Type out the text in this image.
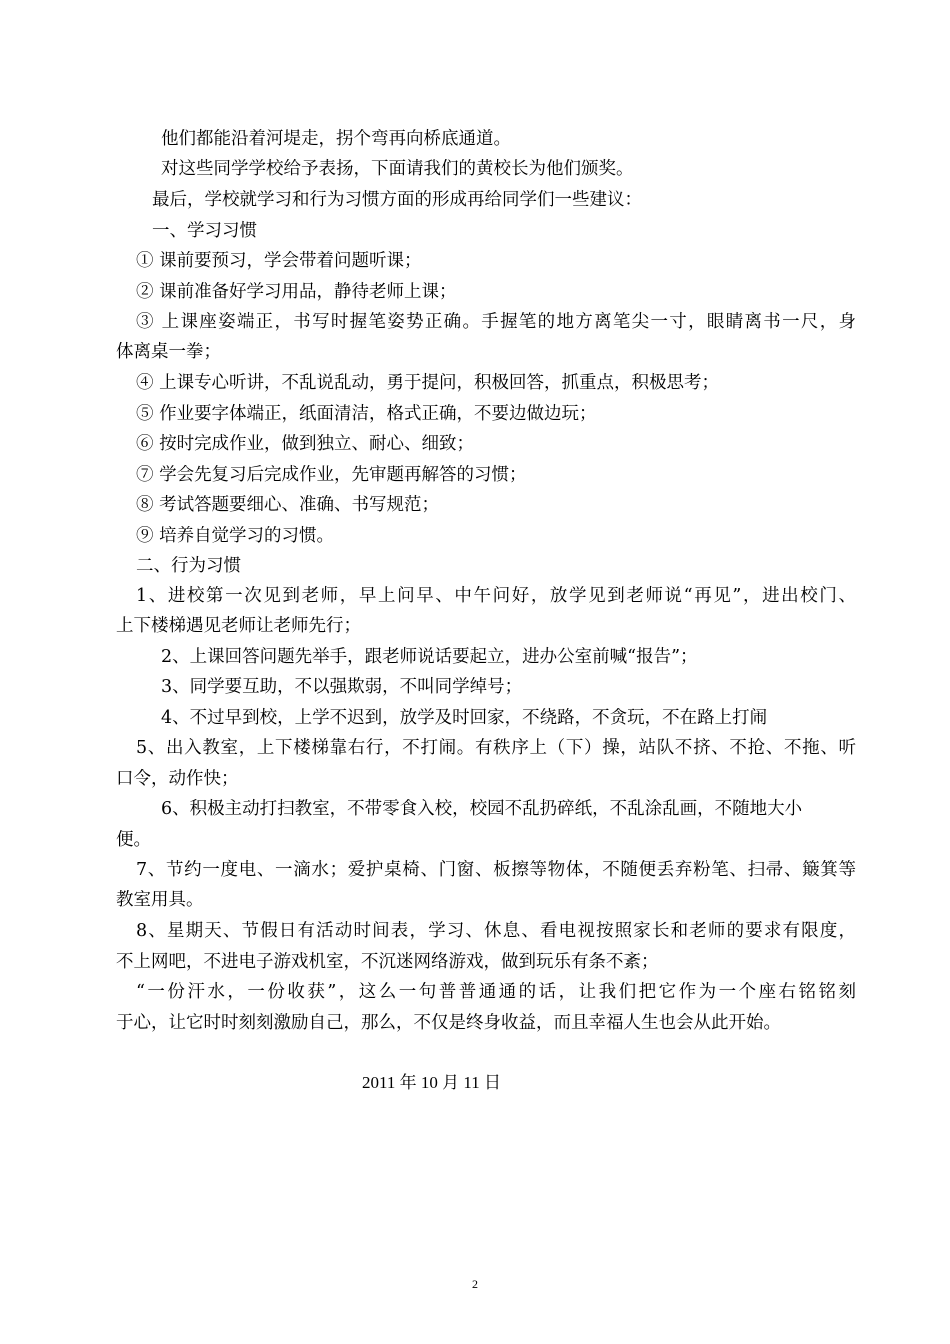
他们都能沿着河堤走，拐个弯再向桥底通道。
对这些同学学校给予表扬，下面请我们的黄校长为他们颁奖。
最后，学校就学习和行为习惯方面的形成再给同学们一些建议：
一、学习习惯
① 课前要预习，学会带着问题听课；
② 课前准备好学习用品，静待老师上课；
③ 上课座姿端正，书写时握笔姿势正确。手握笔的地方离笔尖一寸，眼睛离书一尺，身
体离桌一拳；
④ 上课专心听讲，不乱说乱动，勇于提问，积极回答，抓重点，积极思考；
⑤ 作业要字体端正，纸面清洁，格式正确，不要边做边玩；
⑥ 按时完成作业，做到独立、耐心、细致；
⑦ 学会先复习后完成作业，先审题再解答的习惯；
⑧ 考试答题要细心、准确、书写规范；
⑨ 培养自觉学习的习惯。
二、行为习惯
1、进校第一次见到老师，早上问早、中午问好，放学见到老师说“再见”，进出校门、
上下楼梯遇见老师让老师先行；
2、上课回答问题先举手，跟老师说话要起立，进办公室前喊“报告”；
3、同学要互助，不以强欺弱，不叫同学绰号；
4、不过早到校，上学不迟到，放学及时回家，不绕路，不贪玩，不在路上打闹
5、出入教室，上下楼梯靠右行，不打闹。有秩序上（下）操，站队不挤、不抢、不拖、听
口令，动作快；
6、积极主动打扫教室，不带零食入校，校园不乱扔碎纸，不乱涂乱画，不随地大小
便。
7、节约一度电、一滴水；爱护桌椅、门窗、板擦等物体，不随便丢弃粉笔、扫帚、簸箕等
教室用具。
8、星期天、节假日有活动时间表，学习、休息、看电视按照家长和老师的要求有限度，
不上网吧，不进电子游戏机室，不沉迷网络游戏，做到玩乐有条不紊；
“一份汗水，一份收获”，这么一句普普通通的话，让我们把它作为一个座右铭铭刻
于心，让它时时刻刻激励自己，那么，不仅是终身收益，而且幸福人生也会从此开始。
2011 年 10 月 11 日
2
